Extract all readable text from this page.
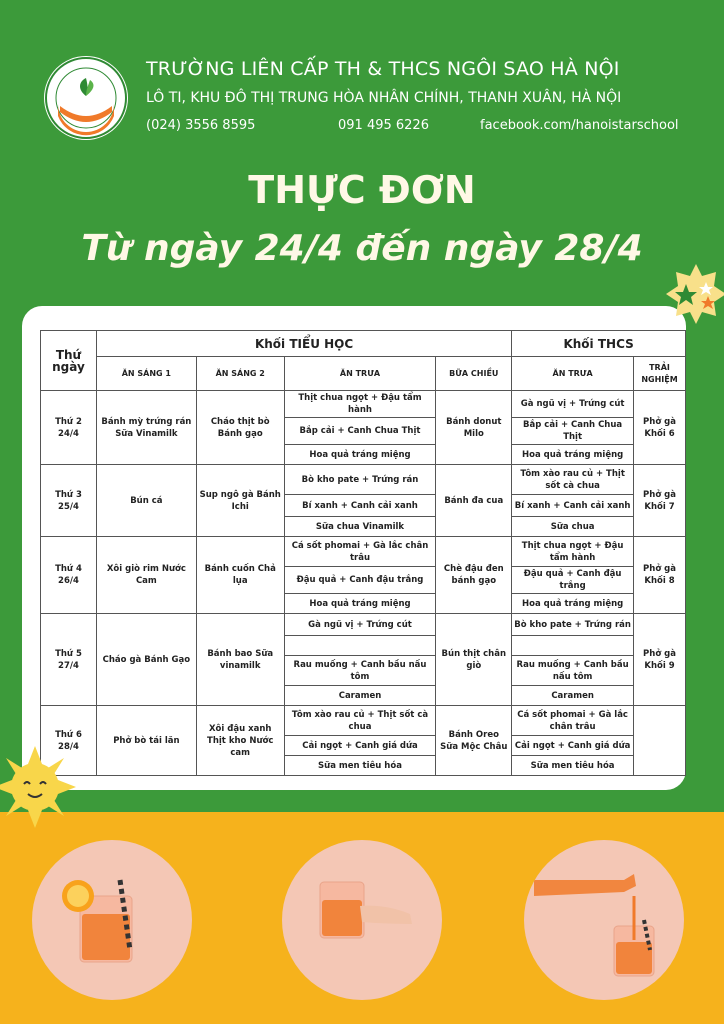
★★★
TRƯỜNG LIÊN CẤP TH & THCS NGÔI SAO HÀ NỘI
LÔ TI, KHU ĐÔ THỊ TRUNG HÒA NHÂN CHÍNH, THANH XUÂN, HÀ NỘI
(024) 3556 8595	091 495 6226	facebook.com/hanoistarschool
THỰC ĐƠN
Từ ngày 24/4 đến ngày 28/4
Thứ ngày	Khối TIỂU HỌC				Khối THCS	
	ĂN SÁNG 1	ĂN SÁNG 2	ĂN TRƯA	BỮA CHIỀU	ĂN TRƯA	TRẢI NGHIỆM
Thứ 2
24/4	Bánh mỳ trứng rán Sữa Vinamilk	Cháo thịt bò Bánh gạo	Thịt chua ngọt + Đậu tẩm hành	Bánh donut Milo	Gà ngũ vị + Trứng cút	Phở gà Khối 6
			Bắp cải + Canh Chua Thịt		Bắp cải + Canh Chua Thịt	
			Hoa quả tráng miệng		Hoa quả tráng miệng	
Thứ 3
25/4	Bún cá	Sup ngô gà Bánh Ichi	Bò kho pate + Trứng rán	Bánh đa cua	Tôm xào rau củ + Thịt sốt cà chua	Phở gà Khối 7
			Bí xanh + Canh cải xanh		Bí xanh + Canh cải xanh	
			Sữa chua Vinamilk		Sữa chua	
Thứ 4
26/4	Xôi giò rim Nước Cam	Bánh cuốn Chả lụa	Cá sốt phomai + Gà lắc chân trâu	Chè đậu đen bánh gạo	Thịt chua ngọt + Đậu tẩm hành	Phở gà Khối 8
			Đậu quả + Canh đậu trắng		Đậu quả + Canh đậu trắng	
			Hoa quả tráng miệng		Hoa quả tráng miệng	
Thứ 5
27/4	Cháo gà Bánh Gạo	Bánh bao Sữa vinamilk	Gà ngũ vị + Trứng cút	Bún thịt chân giò	Bò kho pate + Trứng rán	Phở gà Khối 9

			Rau muống + Canh bầu nấu tôm		Rau muống + Canh bầu nấu tôm	
			Caramen		Caramen	
Thứ 6
28/4	Phở bò tái lăn	Xôi đậu xanh Thịt kho Nước cam	Tôm xào rau củ + Thịt sốt cà chua	Bánh Oreo Sữa Mộc Châu	Cá sốt phomai + Gà lắc chân trâu	
			Cải ngọt + Canh giá dứa		Cải ngọt + Canh giá dứa	
			Sữa men tiêu hóa		Sữa men tiêu hóa	
